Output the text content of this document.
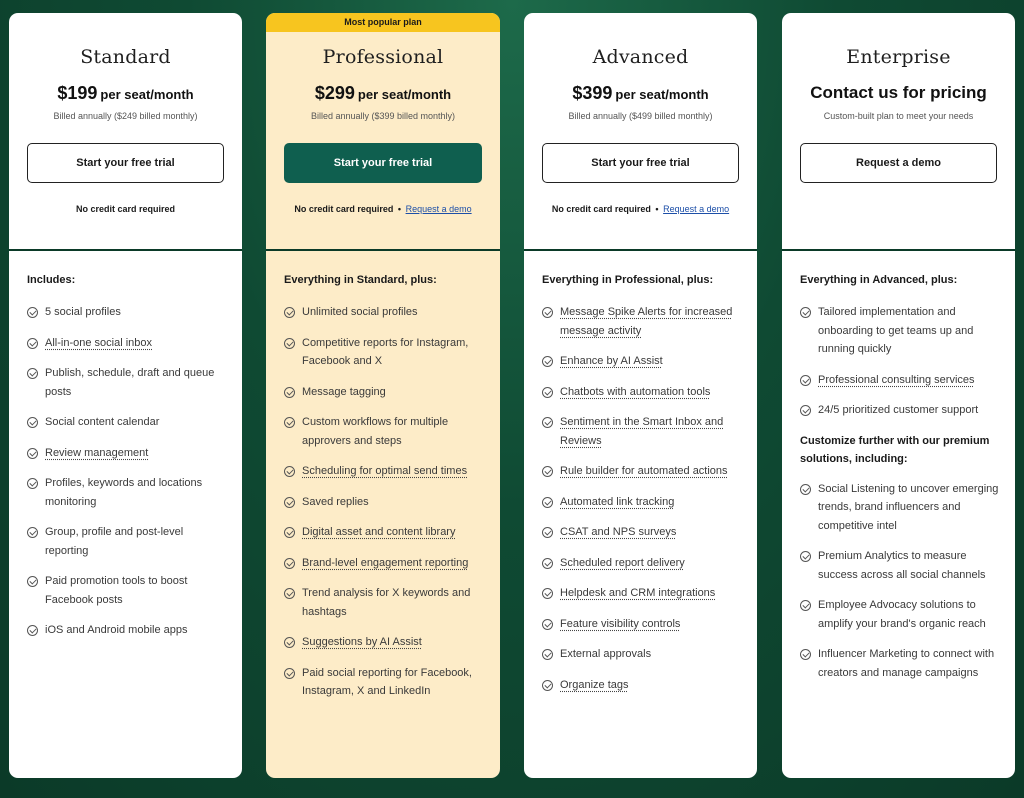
Standard
$199 per seat/month
Billed annually ($249 billed monthly)
Start your free trial
No credit card required
Includes:
5 social profiles
All-in-one social inbox
Publish, schedule, draft and queue posts
Social content calendar
Review management
Profiles, keywords and locations monitoring
Group, profile and post-level reporting
Paid promotion tools to boost Facebook posts
iOS and Android mobile apps
Most popular plan
Professional
$299 per seat/month
Billed annually ($399 billed monthly)
Start your free trial
No credit card required • Request a demo
Everything in Standard, plus:
Unlimited social profiles
Competitive reports for Instagram, Facebook and X
Message tagging
Custom workflows for multiple approvers and steps
Scheduling for optimal send times
Saved replies
Digital asset and content library
Brand-level engagement reporting
Trend analysis for X keywords and hashtags
Suggestions by AI Assist
Paid social reporting for Facebook, Instagram, X and LinkedIn
Advanced
$399 per seat/month
Billed annually ($499 billed monthly)
Start your free trial
No credit card required • Request a demo
Everything in Professional, plus:
Message Spike Alerts for increased message activity
Enhance by AI Assist
Chatbots with automation tools
Sentiment in the Smart Inbox and Reviews
Rule builder for automated actions
Automated link tracking
CSAT and NPS surveys
Scheduled report delivery
Helpdesk and CRM integrations
Feature visibility controls
External approvals
Organize tags
Enterprise
Contact us for pricing
Custom-built plan to meet your needs
Request a demo
Everything in Advanced, plus:
Tailored implementation and onboarding to get teams up and running quickly
Professional consulting services
24/5 prioritized customer support
Customize further with our premium solutions, including:
Social Listening to uncover emerging trends, brand influencers and competitive intel
Premium Analytics to measure success across all social channels
Employee Advocacy solutions to amplify your brand's organic reach
Influencer Marketing to connect with creators and manage campaigns
